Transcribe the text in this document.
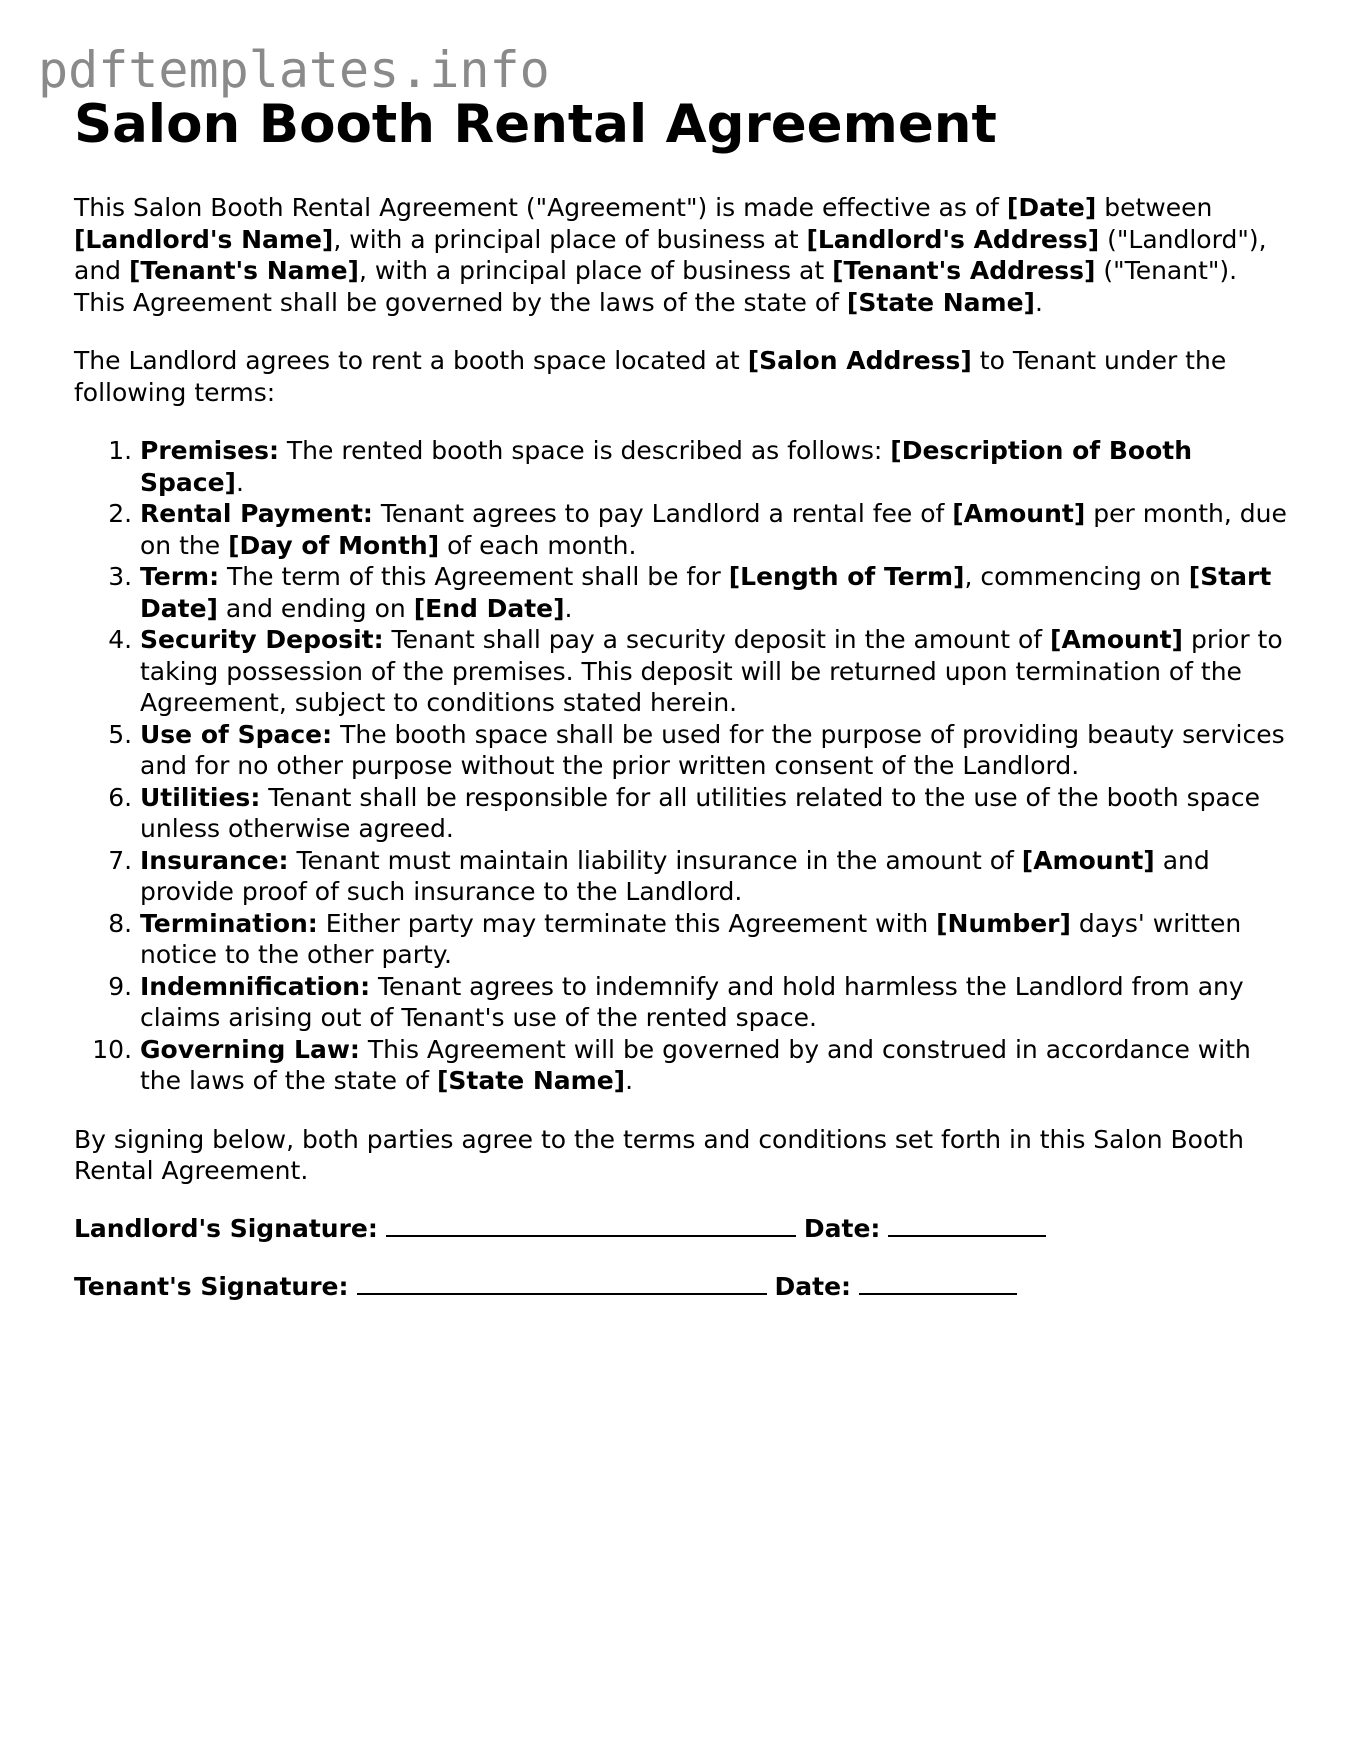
pdftemplates.info
Salon Booth Rental Agreement

This Salon Booth Rental Agreement ("Agreement") is made effective as of [Date] between [Landlord's Name], with a principal place of business at [Landlord's Address] ("Landlord"), and [Tenant's Name], with a principal place of business at [Tenant's Address] ("Tenant"). This Agreement shall be governed by the laws of the state of [State Name].

The Landlord agrees to rent a booth space located at [Salon Address] to Tenant under the following terms:

1. Premises: The rented booth space is described as follows: [Description of Booth Space].
2. Rental Payment: Tenant agrees to pay Landlord a rental fee of [Amount] per month, due on the [Day of Month] of each month.
3. Term: The term of this Agreement shall be for [Length of Term], commencing on [Start Date] and ending on [End Date].
4. Security Deposit: Tenant shall pay a security deposit in the amount of [Amount] prior to taking possession of the premises. This deposit will be returned upon termination of the Agreement, subject to conditions stated herein.
5. Use of Space: The booth space shall be used for the purpose of providing beauty services and for no other purpose without the prior written consent of the Landlord.
6. Utilities: Tenant shall be responsible for all utilities related to the use of the booth space unless otherwise agreed.
7. Insurance: Tenant must maintain liability insurance in the amount of [Amount] and provide proof of such insurance to the Landlord.
8. Termination: Either party may terminate this Agreement with [Number] days' written notice to the other party.
9. Indemnification: Tenant agrees to indemnify and hold harmless the Landlord from any claims arising out of Tenant's use of the rented space.
10. Governing Law: This Agreement will be governed by and construed in accordance with the laws of the state of [State Name].

By signing below, both parties agree to the terms and conditions set forth in this Salon Booth Rental Agreement.

Landlord's Signature:	Date:
Tenant's Signature:	Date:
